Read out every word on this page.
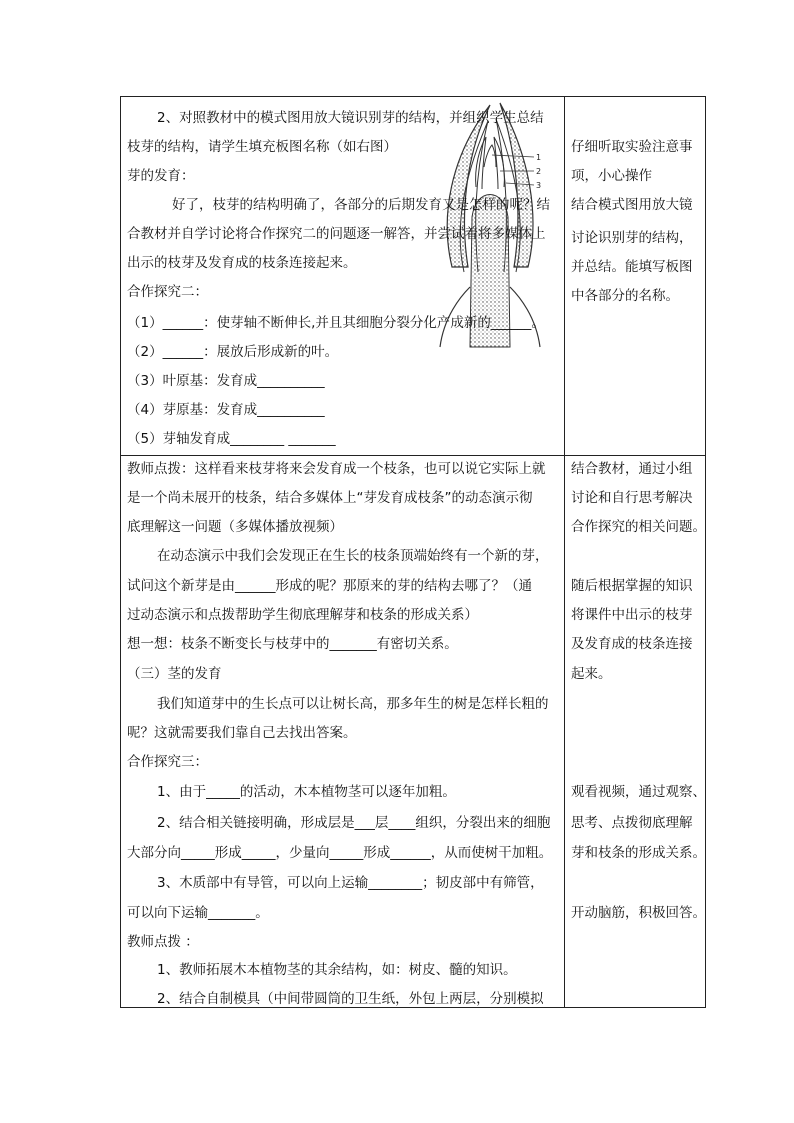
1
2
3
2、对照教材中的模式图用放大镜识别芽的结构，并组织学生总结
枝芽的结构，请学生填充板图名称（如右图）
芽的发育：
好了，枝芽的结构明确了，各部分的后期发育又是怎样的呢？结
合教材并自学讨论将合作探究二的问题逐一解答，并尝试着将多媒体上
出示的枝芽及发育成的枝条连接起来。
合作探究二：
（1）______：使芽轴不断伸长,并且其细胞分裂分化产成新的______。
（2）______：展放后形成新的叶。
（3）叶原基：发育成__________
（4）芽原基：发育成__________
（5）芽轴发育成________ _______
教师点拨：这样看来枝芽将来会发育成一个枝条，也可以说它实际上就
是一个尚未展开的枝条，结合多媒体上“芽发育成枝条”的动态演示彻
底理解这一问题（多媒体播放视频）
在动态演示中我们会发现正在生长的枝条顶端始终有一个新的芽，
试问这个新芽是由______形成的呢？那原来的芽的结构去哪了？（通
过动态演示和点拨帮助学生彻底理解芽和枝条的形成关系）
想一想：枝条不断变长与枝芽中的_______有密切关系。
（三）茎的发育
我们知道芽中的生长点可以让树长高，那多年生的树是怎样长粗的
呢？这就需要我们靠自己去找出答案。
合作探究三：
1、由于_____的活动，木本植物茎可以逐年加粗。
2、结合相关链接明确，形成层是___层____组织，分裂出来的细胞
大部分向_____形成_____，少量向_____形成______，从而使树干加粗。
3、木质部中有导管，可以向上运输________；韧皮部中有筛管，
可以向下运输_______。
教师点拨 ：
1、教师拓展木本植物茎的其余结构，如：树皮、髓的知识。
2、结合自制模具（中间带圆筒的卫生纸，外包上两层，分别模拟
仔细听取实验注意事
项，小心操作
结合模式图用放大镜
讨论识别芽的结构，
并总结。能填写板图
中各部分的名称。
结合教材，通过小组
讨论和自行思考解决
合作探究的相关问题。
随后根据掌握的知识
将课件中出示的枝芽
及发育成的枝条连接
起来。
观看视频，通过观察、
思考、点拨彻底理解
芽和枝条的形成关系。
开动脑筋，积极回答。
